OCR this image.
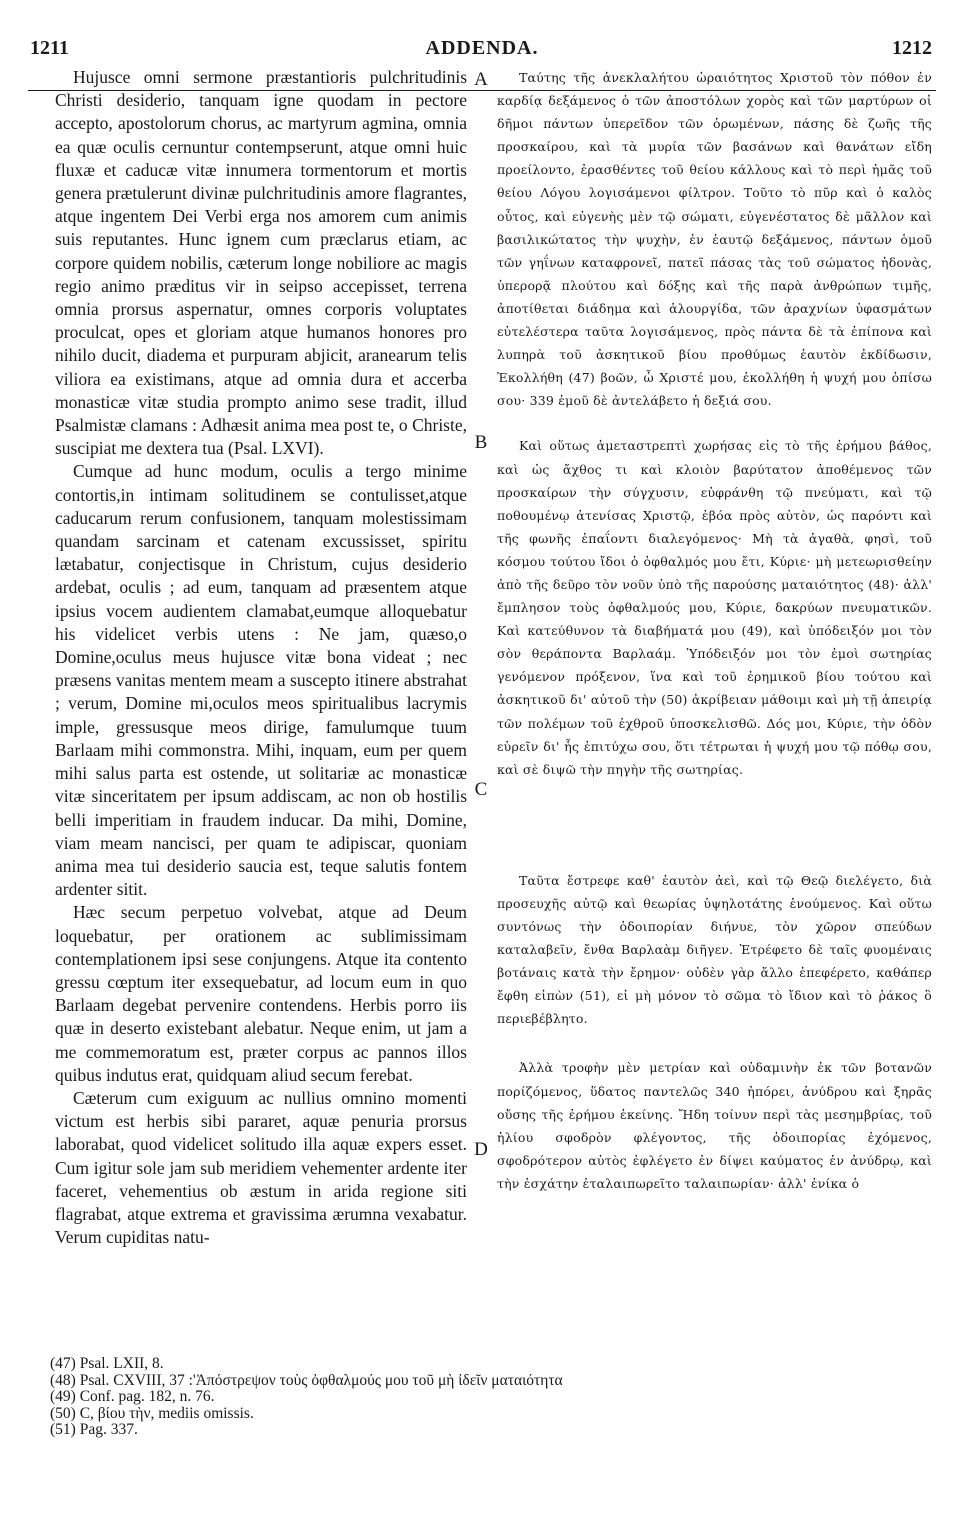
1211	ADDENDA.	1212

Hujusce omni sermone præstantioris pulchritudinis Christi desiderio, tanquam igne quodam in pectore accepto, apostolorum chorus, ac martyrum agmina, omnia ea quæ oculis cernuntur contempserunt, atque omni huic fluxæ et caducæ vitæ innumera tormentorum et mortis genera prætulerunt divinæ pulchritudinis amore flagrantes, atque ingentem Dei Verbi erga nos amorem cum animis suis reputantes. Hunc ignem cum præclarus etiam, ac corpore quidem nobilis, cæterum longe nobiliore ac magis regio animo præditus vir in seipso accepisset, terrena omnia prorsus aspernatur, omnes corporis voluptates proculcat, opes et gloriam atque humanos honores pro nihilo ducit, diadema et purpuram abjicit, aranearum telis viliora ea existimans, atque ad omnia dura et accerba monasticæ vitæ studia prompto animo sese tradit, illud Psalmistæ clamans : Adhæsit anima mea post te, o Christe, suscipiat me dextera tua (Psal. LXVI).

Cumque ad hunc modum, oculis a tergo minime contortis,in intimam solitudinem se contulisset,atque caducarum rerum confusionem, tanquam molestissimam quandam sarcinam et catenam excussisset, spiritu lætabatur, conjectisque in Christum, cujus desiderio ardebat, oculis ; ad eum, tanquam ad præsentem atque ipsius vocem audientem clamabat,eumque alloquebatur his videlicet verbis utens : Ne jam, quæso,o Domine,oculus meus hujusce vitæ bona videat ; nec præsens vanitas mentem meam a suscepto itinere abstrahat ; verum, Domine mi,oculos meos spiritualibus lacrymis imple, gressusque meos dirige, famulumque tuum Barlaam mihi commonstra. Mihi, inquam, eum per quem mihi salus parta est ostende, ut solitariæ ac monasticæ vitæ sinceritatem per ipsum addiscam, ac non ob hostilis belli imperitiam in fraudem inducar. Da mihi, Domine, viam meam nancisci, per quam te adipiscar, quoniam anima mea tui desiderio saucia est, teque salutis fontem ardenter sitit.

Hæc secum perpetuo volvebat, atque ad Deum loquebatur, per orationem ac sublimissimam contemplationem ipsi sese conjungens. Atque ita contento gressu cœptum iter exsequebatur, ad locum eum in quo Barlaam degebat pervenire contendens. Herbis porro iis quæ in deserto existebant alebatur. Neque enim, ut jam a me commemoratum est, præter corpus ac pannos illos quibus indutus erat, quidquam aliud secum ferebat.

Cæterum cum exiguum ac nullius omnino momenti victum est herbis sibi pararet, aquæ penuria prorsus laborabat, quod videlicet solitudo illa aquæ expers esset. Cum igitur sole jam sub meridiem vehementer ardente iter faceret, vehementius ob æstum in arida regione siti flagrabat, atque extrema et gravissima ærumna vexabatur. Verum cupiditas natu-

A
B
C
D

Ταύτης τῆς ἀνεκλαλήτου ὡραιότητος Χριστοῦ τὸν πόθον ἐν καρδίᾳ δεξάμενος ὁ τῶν ἀποστόλων χορὸς καὶ τῶν μαρτύρων οἱ δῆμοι πάντων ὑπερεῖδον τῶν ὁρωμένων, πάσης δὲ ζωῆς τῆς προσκαίρου, καὶ τὰ μυρία τῶν βασάνων καὶ θανάτων εἴδη προείλοντο, ἐρασθέντες τοῦ θείου κάλλους καὶ τὸ περὶ ἡμᾶς τοῦ θείου Λόγου λογισάμενοι φίλτρον. Τοῦτο τὸ πῦρ καὶ ὁ καλὸς οὗτος, καὶ εὐγενὴς μὲν τῷ σώματι, εὐγενέστατος δὲ μᾶλλον καὶ βασιλικώτατος τὴν ψυχὴν, ἐν ἑαυτῷ δεξάμενος, πάντων ὁμοῦ τῶν γηΐνων καταφρονεῖ, πατεῖ πάσας τὰς τοῦ σώματος ἡδονὰς, ὑπερορᾷ πλούτου καὶ δόξης καὶ τῆς παρὰ ἀνθρώπων τιμῆς, ἀποτίθεται διάδημα καὶ ἁλουργίδα, τῶν ἀραχνίων ὑφασμάτων εὐτελέστερα ταῦτα λογισάμενος, πρὸς πάντα δὲ τὰ ἐπίπονα καὶ λυπηρὰ τοῦ ἀσκητικοῦ βίου προθύμως ἑαυτὸν ἐκδίδωσιν, Ἐκολλήθη (47) βοῶν, ὦ Χριστέ μου, ἐκολλήθη ἡ ψυχή μου ὀπίσω σου· 339 ἐμοῦ δὲ ἀντελάβετο ἡ δεξιά σου.

Καὶ οὕτως ἀμεταστρεπτὶ χωρήσας εἰς τὸ τῆς ἐρήμου βάθος, καὶ ὡς ἄχθος τι καὶ κλοιὸν βαρύτατον ἀποθέμενος τῶν προσκαίρων τὴν σύγχυσιν, εὐφράνθη τῷ πνεύματι, καὶ τῷ ποθουμένῳ ἀτενίσας Χριστῷ, ἐβόα πρὸς αὐτὸν, ὡς παρόντι καὶ τῆς φωνῆς ἐπαΐοντι διαλεγόμενος· Μὴ τὰ ἀγαθὰ, φησὶ, τοῦ κόσμου τούτου ἴδοι ὁ ὀφθαλμός μου ἔτι, Κύριε· μὴ μετεωρισθείην ἀπὸ τῆς δεῦρο τὸν νοῦν ὑπὸ τῆς παρούσης ματαιότητος (48)· ἀλλ' ἔμπλησον τοὺς ὀφθαλμούς μου, Κύριε, δακρύων πνευματικῶν. Καὶ κατεύθυνον τὰ διαβήματά μου (49), καὶ ὑπόδειξόν μοι τὸν σὸν θεράποντα Βαρλαάμ. Ὑπόδειξόν μοι τὸν ἐμοὶ σωτηρίας γενόμενον πρόξενον, ἵνα καὶ τοῦ ἐρημικοῦ βίου τούτου καὶ ἀσκητικοῦ δι' αὐτοῦ τὴν (50) ἀκρίβειαν μάθοιμι καὶ μὴ τῇ ἀπειρίᾳ τῶν πολέμων τοῦ ἐχθροῦ ὑποσκελισθῶ. Δός μοι, Κύριε, τὴν ὁδὸν εὑρεῖν δι' ἧς ἐπιτύχω σου, ὅτι τέτρωται ἡ ψυχή μου τῷ πόθῳ σου, καὶ σὲ διψῶ τὴν πηγὴν τῆς σωτηρίας.

Ταῦτα ἔστρεφε καθ' ἑαυτὸν ἀεὶ, καὶ τῷ Θεῷ διελέγετο, διὰ προσευχῆς αὐτῷ καὶ θεωρίας ὑψηλοτάτης ἑνούμενος. Καὶ οὕτω συντόνως τὴν ὁδοιπορίαν διήνυε, τὸν χῶρον σπεύδων καταλαβεῖν, ἔνθα Βαρλαὰμ διῆγεν. Ἐτρέφετο δὲ ταῖς φυομέναις βοτάναις κατὰ τὴν ἔρημον· οὐδὲν γὰρ ἄλλο ἐπεφέρετο, καθάπερ ἔφθη εἰπὼν (51), εἰ μὴ μόνον τὸ σῶμα τὸ ἴδιον καὶ τὸ ῥάκος ὃ περιεβέβλητο.

Ἀλλὰ τροφὴν μὲν μετρίαν καὶ οὐδαμινὴν ἐκ τῶν βοτανῶν πορίζόμενος, ὕδατος παντελῶς 340 ἠπόρει, ἀνύδρου καὶ ξηρᾶς οὔσης τῆς ἐρήμου ἐκείνης. Ἤδη τοίνυν περὶ τὰς μεσημβρίας, τοῦ ἡλίου σφοδρὸν φλέγοντος, τῆς ὁδοιπορίας ἐχόμενος, σφοδρότερον αὐτὸς ἐφλέγετο ἐν δίψει καύματος ἐν ἀνύδρῳ, καὶ τὴν ἐσχάτην ἐταλαιπωρεῖτο ταλαιπωρίαν· ἀλλ' ἐνίκα ὁ

(47) Psal. LXII, 8.

(48) Psal. CXVIII, 37 :'Ἀπόστρεψον τοὺς ὀφθαλμούς μου τοῦ μὴ ἰδεῖν ματαιότητα

(49) Conf. pag. 182, n. 76.

(50) C, βίου τὴν, mediis omissis.

(51) Pag. 337.
